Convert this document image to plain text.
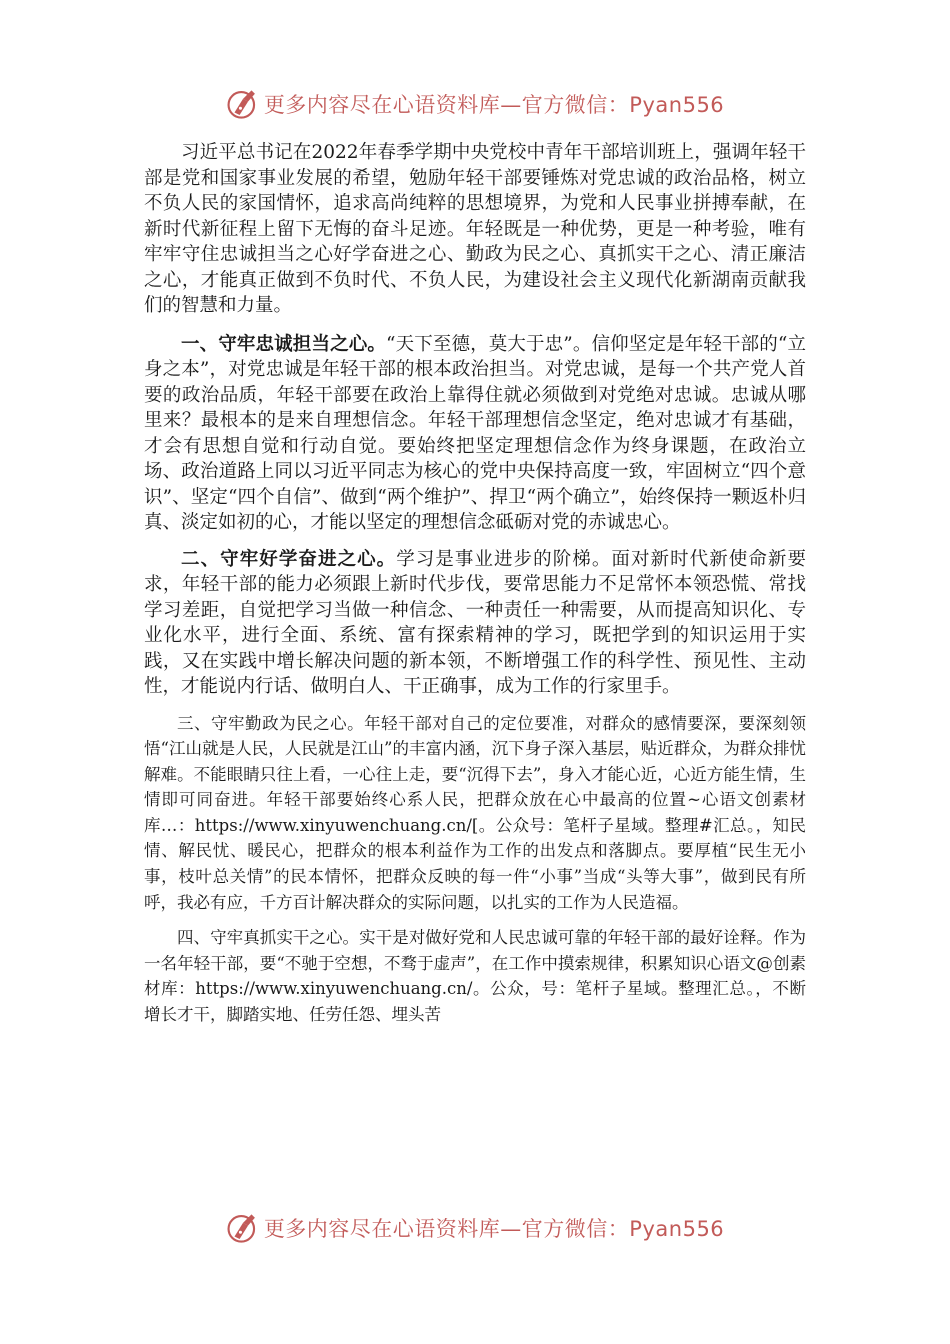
更多内容尽在心语资料库—官方微信：Pyan556

习近平总书记在2022年春季学期中央党校中青年干部培训班上，强调年轻干部是党和国家事业发展的希望，勉励年轻干部要锤炼对党忠诚的政治品格，树立不负人民的家国情怀，追求高尚纯粹的思想境界，为党和人民事业拼搏奉献，在新时代新征程上留下无悔的奋斗足迹。年轻既是一种优势，更是一种考验，唯有牢牢守住忠诚担当之心好学奋进之心、勤政为民之心、真抓实干之心、清正廉洁之心，才能真正做到不负时代、不负人民，为建设社会主义现代化新湖南贡献我们的智慧和力量。

一、守牢忠诚担当之心。“天下至德，莫大于忠”。信仰坚定是年轻干部的“立身之本”，对党忠诚是年轻干部的根本政治担当。对党忠诚，是每一个共产党人首要的政治品质，年轻干部要在政治上靠得住就必须做到对党绝对忠诚。忠诚从哪里来？最根本的是来自理想信念。年轻干部理想信念坚定，绝对忠诚才有基础，才会有思想自觉和行动自觉。要始终把坚定理想信念作为终身课题，在政治立场、政治道路上同以习近平同志为核心的党中央保持高度一致，牢固树立“四个意识”、坚定“四个自信”、做到“两个维护”、捍卫“两个确立”，始终保持一颗返朴归真、淡定如初的心，才能以坚定的理想信念砥砺对党的赤诚忠心。

二、守牢好学奋进之心。学习是事业进步的阶梯。面对新时代新使命新要求，年轻干部的能力必须跟上新时代步伐，要常思能力不足常怀本领恐慌、常找学习差距，自觉把学习当做一种信念、一种责任一种需要，从而提高知识化、专业化水平，进行全面、系统、富有探索精神的学习，既把学到的知识运用于实践，又在实践中增长解决问题的新本领，不断增强工作的科学性、预见性、主动性，才能说内行话、做明白人、干正确事，成为工作的行家里手。

三、守牢勤政为民之心。年轻干部对自己的定位要准，对群众的感情要深，要深刻领悟“江山就是人民，人民就是江山”的丰富内涵，沉下身子深入基层，贴近群众，为群众排忧解难。不能眼睛只往上看，一心往上走，要“沉得下去”，身入才能心近，心近方能生情，生情即可同奋进。年轻干部要始终心系人民，把群众放在心中最高的位置~心语文创素材库…：https://www.xinyuwenchuang.cn/[。公众号：笔杆子星域。整理#汇总。，知民情、解民忧、暖民心，把群众的根本利益作为工作的出发点和落脚点。要厚植“民生无小事，枝叶总关情”的民本情怀，把群众反映的每一件“小事”当成“头等大事”，做到民有所呼，我必有应，千方百计解决群众的实际问题，以扎实的工作为人民造福。

四、守牢真抓实干之心。实干是对做好党和人民忠诚可靠的年轻干部的最好诠释。作为一名年轻干部，要“不驰于空想，不骛于虚声”，在工作中摸索规律，积累知识心语文@创素材库：https://www.xinyuwenchuang.cn/。公众，号：笔杆子星域。整理汇总。，不断增长才干，脚踏实地、任劳任怨、埋头苦

更多内容尽在心语资料库—官方微信：Pyan556
